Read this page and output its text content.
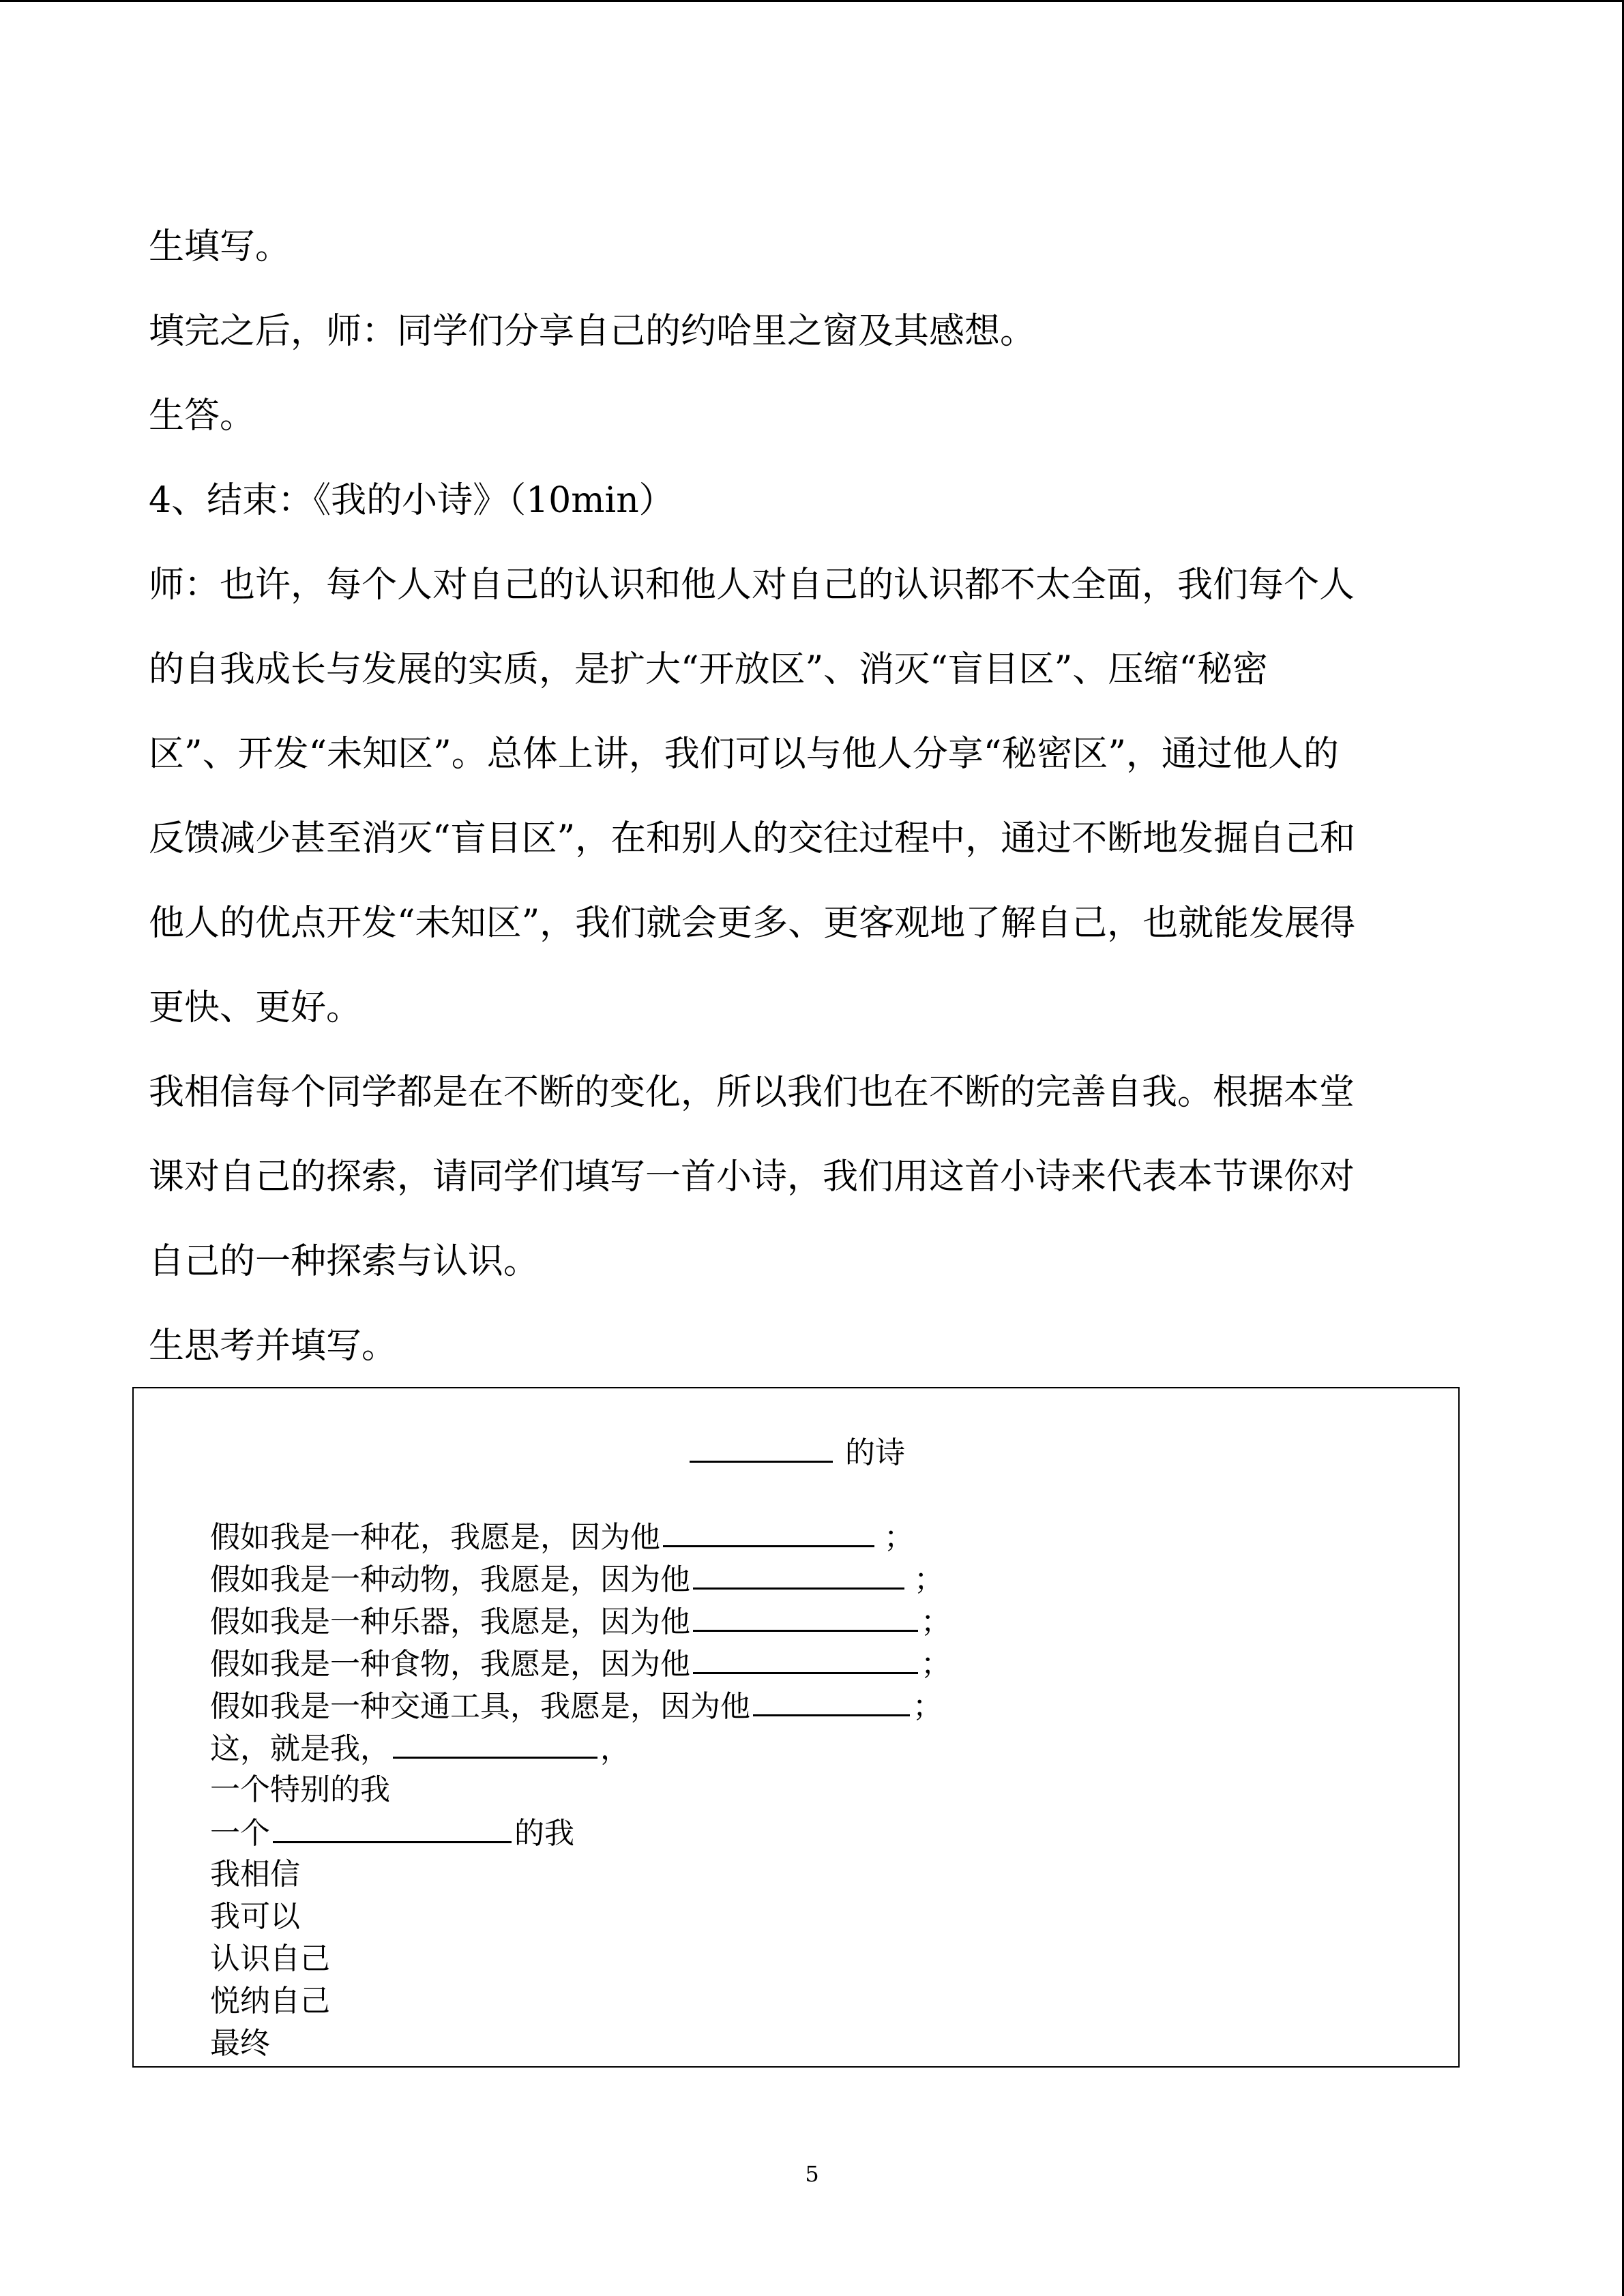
生填写。
填完之后，师：同学们分享自己的约哈里之窗及其感想。
生答。
4、结束：《我的小诗》（10min）
师：也许，每个人对自己的认识和他人对自己的认识都不太全面，我们每个人
的自我成长与发展的实质，是扩大“开放区”、消灭“盲目区”、压缩“秘密
区”、开发“未知区”。总体上讲，我们可以与他人分享“秘密区”，通过他人的
反馈减少甚至消灭“盲目区”，在和别人的交往过程中，通过不断地发掘自己和
他人的优点开发“未知区”，我们就会更多、更客观地了解自己，也就能发展得
更快、更好。
我相信每个同学都是在不断的变化，所以我们也在不断的完善自我。根据本堂
课对自己的探索，请同学们填写一首小诗，我们用这首小诗来代表本节课你对
自己的一种探索与认识。
生思考并填写。
的诗
假如我是一种花，我愿是，因为他	；
假如我是一种动物，我愿是，因为他	；
假如我是一种乐器，我愿是，因为他	；
假如我是一种食物，我愿是，因为他	；
假如我是一种交通工具，我愿是，因为他	；
这，就是我，	，
一个特别的我
一个	的我
我相信
我可以
认识自己
悦纳自己
最终
5
